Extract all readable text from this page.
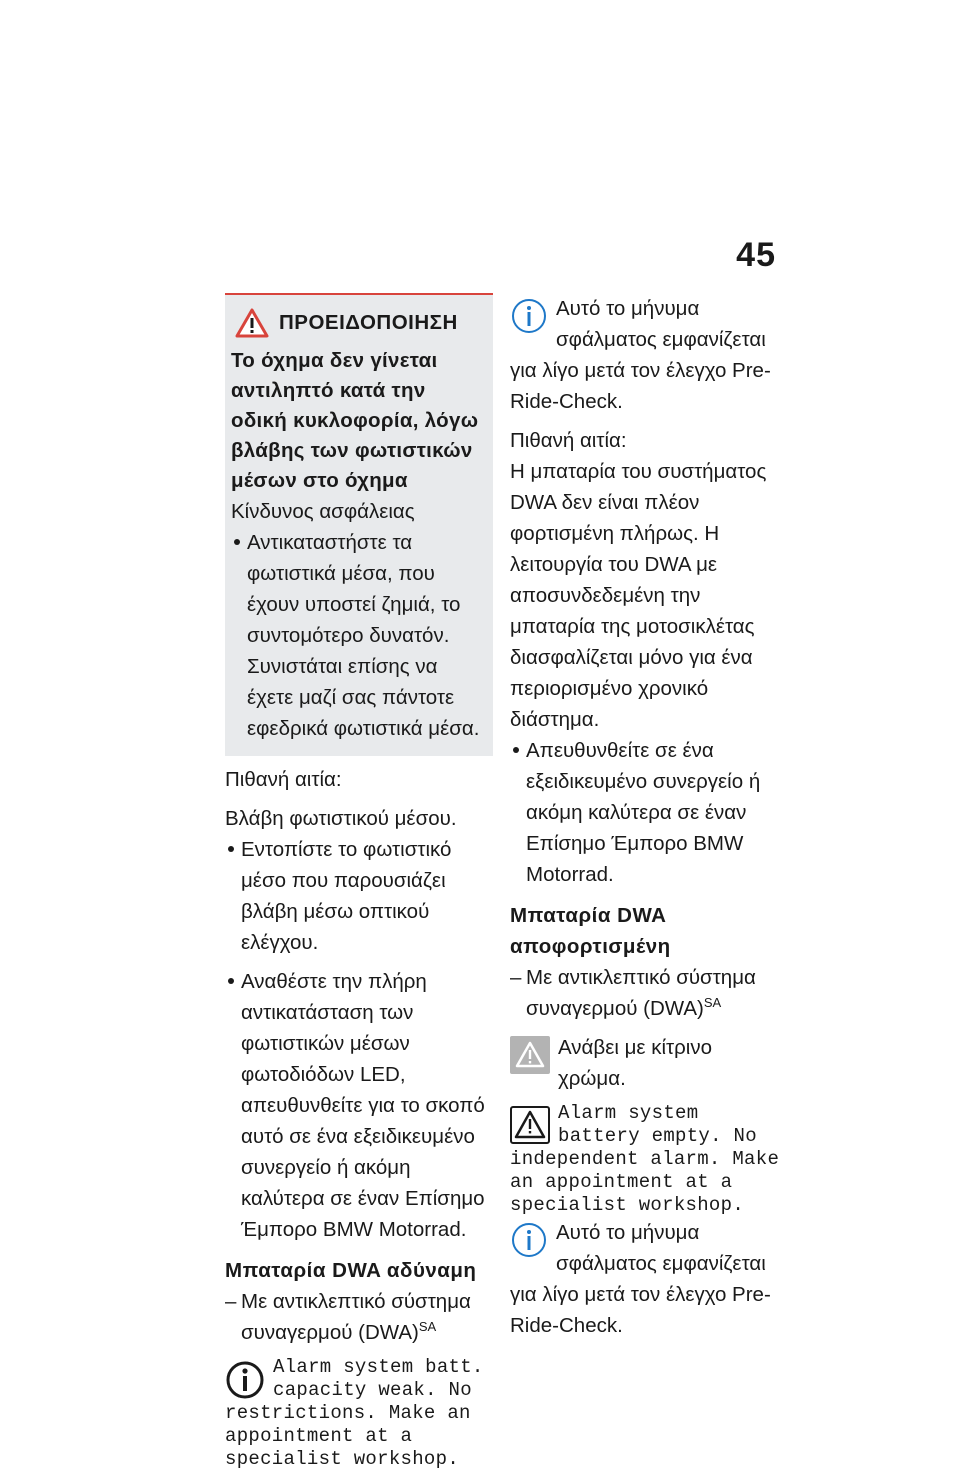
45
ΠΡΟΕΙΔΟΠΟΙΗΣΗ

Το όχημα δεν γίνεται αντιληπτό κατά την οδική κυκλοφορία, λόγω βλάβης των φωτιστικών μέσων στο όχημα

Κίνδυνος ασφάλειας

Αντικαταστήστε τα φωτιστικά μέσα, που έχουν υποστεί ζημιά, το συντομότερο δυνατόν. Συνιστάται επίσης να έχετε μαζί σας πάντοτε εφεδρικά φωτιστικά μέσα.

Πιθανή αιτία:

Βλάβη φωτιστικού μέσου.

Εντοπίστε το φωτιστικό μέσο που παρουσιάζει βλάβη μέσω οπτικού ελέγχου.

Αναθέστε την πλήρη αντικατάσταση των φωτιστικών μέσων φωτοδιόδων LED, απευθυνθείτε για το σκοπό αυτό σε ένα εξειδικευμένο συνεργείο ή ακόμη καλύτερα σε έναν Επίσημο Έμπορο BMW Motorrad.

Μπαταρία DWA αδύναμη

– Με αντικλεπτικό σύστημα συναγερμού (DWA)$^{SA}$

Alarm system batt. capacity weak. No restrictions. Make an appointment at a specialist workshop.

Αυτό το μήνυμα σφάλματος εμφανίζεται για λίγο μετά τον έλεγχο Pre-Ride-Check.

Πιθανή αιτία:

Η μπαταρία του συστήματος DWA δεν είναι πλέον φορτισμένη πλήρως. Η λειτουργία του DWA με αποσυνδεδεμένη την μπαταρία της μοτοσικλέτας διασφαλίζεται μόνο για ένα περιορισμένο χρονικό διάστημα.

Απευθυνθείτε σε ένα εξειδικευμένο συνεργείο ή ακόμη καλύτερα σε έναν Επίσημο Έμπορο BMW Motorrad.

Μπαταρία DWA αποφορτισμένη

– Με αντικλεπτικό σύστημα συναγερμού (DWA)$^{SA}$

Ανάβει με κίτρινο χρώμα.

Alarm system battery empty. No independent alarm. Make an appointment at a specialist workshop.

Αυτό το μήνυμα σφάλματος εμφανίζεται για λίγο μετά τον έλεγχο Pre-Ride-Check.
